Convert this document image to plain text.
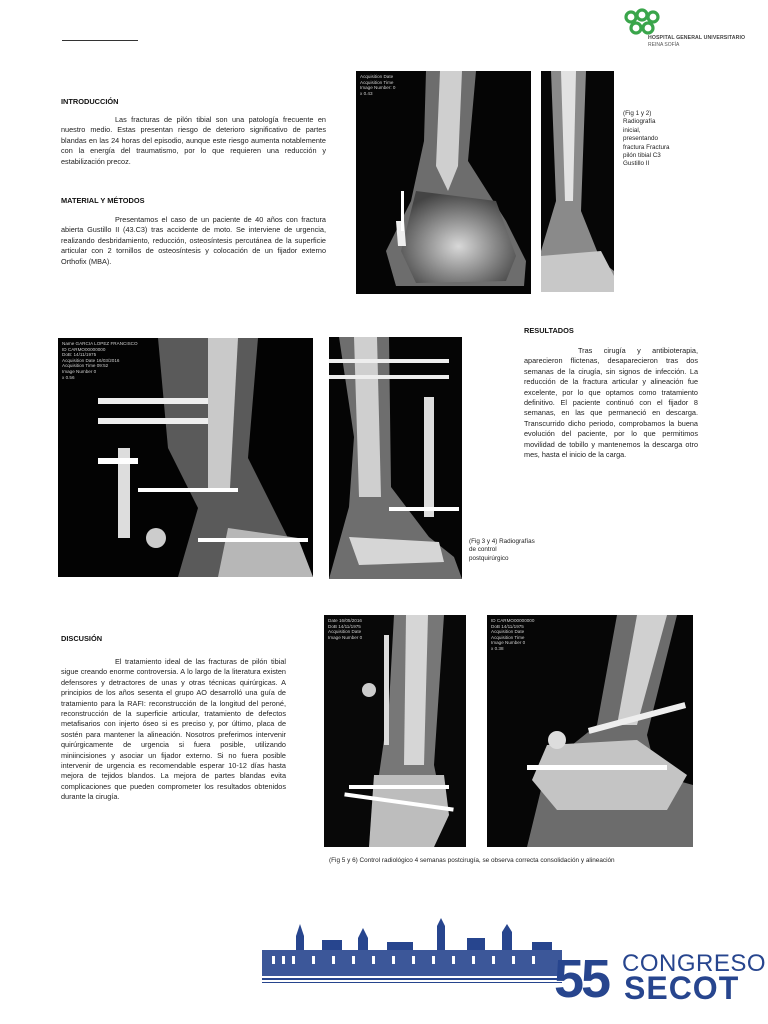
HOSPITAL GENERAL UNIVERSITARIO
REINA SOFÍA
INTRODUCCIÓN
Las fracturas de pilón tibial son una patología frecuente en nuestro medio. Estas presentan riesgo de deterioro significativo de partes blandas en las 24 horas del episodio, aunque este riesgo aumenta notablemente con la energía del traumatismo, por lo que requieren una reducción y estabilización precoz.
MATERIAL Y MÉTODOS
Presentamos el caso de un paciente de 40 años con fractura abierta Gustillo II (43.C3) tras accidente de moto. Se interviene de urgencia, realizando desbridamiento, reducción, osteosíntesis percutánea de la superficie articular con 2 tornillos de osteosíntesis y colocación de un fijador externo Orthofix (MBA).
Acquisition Date
Acquisition Time
Image Number: 0
x 0.43
(Fig 1 y 2)
Radiografía
inicial,
presentando
fractura Fractura
pilón tibial C3
Gustillo II
Name GARCIA LOPEZ FRANCISCO
ID CARMO00000000
DoB: 14/11/1975
Acquisition Date 16/03/2016
Acquisition Time 09:52
Image Number 0
x 0.56
RESULTADOS
Tras cirugía y antibioterapia, aparecieron flictenas, desaparecieron tras dos semanas de la cirugía, sin signos de infección. La reducción de la fractura articular y alineación fue excelente, por lo que optamos como tratamiento definitivo. El paciente continuó con el fijador 8 semanas, en las que permaneció en descarga. Transcurrido dicho periodo, comprobamos la buena evolución del paciente, por lo que permitimos movilidad de tobillo y mantenemos la descarga otro mes, hasta el inicio de la carga.
(Fig 3 y 4) Radiografías
de control
postquirúrgico
DISCUSIÓN
El tratamiento ideal de las fracturas de pilón tibial sigue creando enorme controversia. A lo largo de la literatura existen defensores y detractores de unas y otras técnicas quirúrgicas. A principios de los años sesenta el grupo AO desarrolló una guía de tratamiento para la RAFI: reconstrucción de la longitud del peroné, reconstrucción de la superficie articular, tratamiento de defectos metafisarios con injerto óseo si es preciso y, por último, placa de sostén para mantener la alineación. Nosotros preferimos intervenir quirúrgicamente de urgencia si fuera posible, utilizando miniincisiones y asociar un fijador externo. Si no fuera posible intervenir de urgencia es recomendable esperar 10-12 días hasta mejora de tejidos blandos. La mejora de partes blandas evita complicaciones que pueden comprometer los resultados obtenidos durante la cirugía.
Date 16/05/2016
DoB 14/11/1975
Acquisition Date
Image Number 0
ID CARMO00000000
DoB 14/11/1975
Acquisition Date
Acquisition Time
Image Number 0
x 0.38
(Fig 5 y 6) Control radiológico 4 semanas postcirugía, se observa correcta consolidación y alineación
55 CONGRESO
SECOT
